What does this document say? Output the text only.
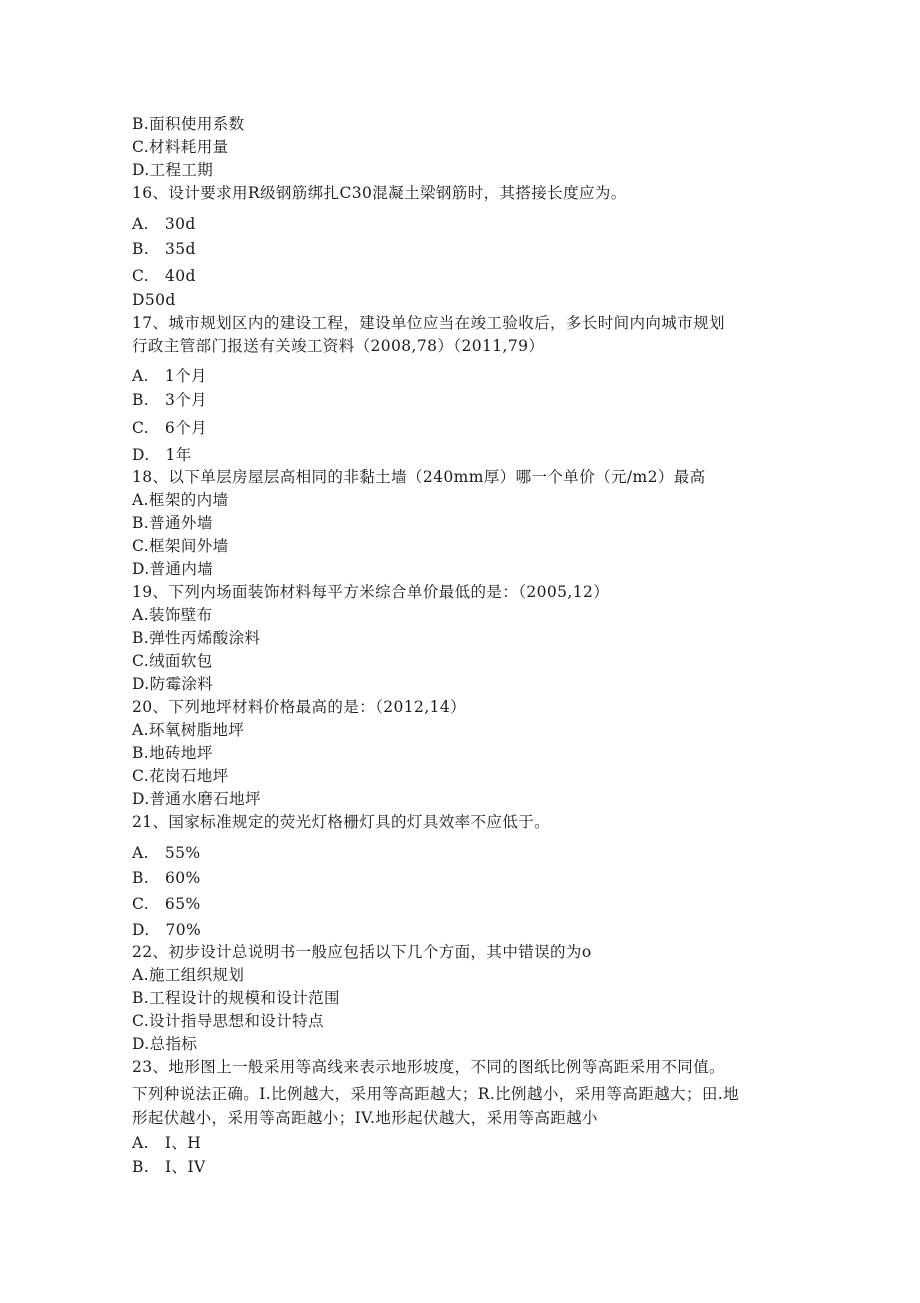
B.面积使用系数
C.材料耗用量
D.工程工期
16、设计要求用R级钢筋绑扎C30混凝土梁钢筋时，其搭接长度应为。
A.　30d
B.　35d
C.　40d
D50d
17、城市规划区内的建设工程，建设单位应当在竣工验收后，多长时间内向城市规划
行政主管部门报送有关竣工资料（2008,78）（2011,79）
A.　1个月
B.　3个月
C.　6个月
D.　1年
18、以下单层房屋层高相同的非黏土墙（240mm厚）哪一个单价（元/m2）最高
A.框架的内墙
B.普通外墙
C.框架间外墙
D.普通内墙
19、下列内场面装饰材料每平方米综合单价最低的是：（2005,12）
A.装饰壁布
B.弹性丙烯酸涂料
C.绒面软包
D.防霉涂料
20、下列地坪材料价格最高的是：（2012,14）
A.环氧树脂地坪
B.地砖地坪
C.花岗石地坪
D.普通水磨石地坪
21、国家标准规定的荧光灯格栅灯具的灯具效率不应低于。
A.　55%
B.　60%
C.　65%
D.　70%
22、初步设计总说明书一般应包括以下几个方面，其中错误的为o
A.施工组织规划
B.工程设计的规模和设计范围
C.设计指导思想和设计特点
D.总指标
23、地形图上一般采用等高线来表示地形坡度，不同的图纸比例等高距采用不同值。
下列种说法正确。I.比例越大，采用等高距越大；R.比例越小，采用等高距越大；田.地
形起伏越小，采用等高距越小；IV.地形起伏越大，采用等高距越小
A.　I、H
B.　I、IV
